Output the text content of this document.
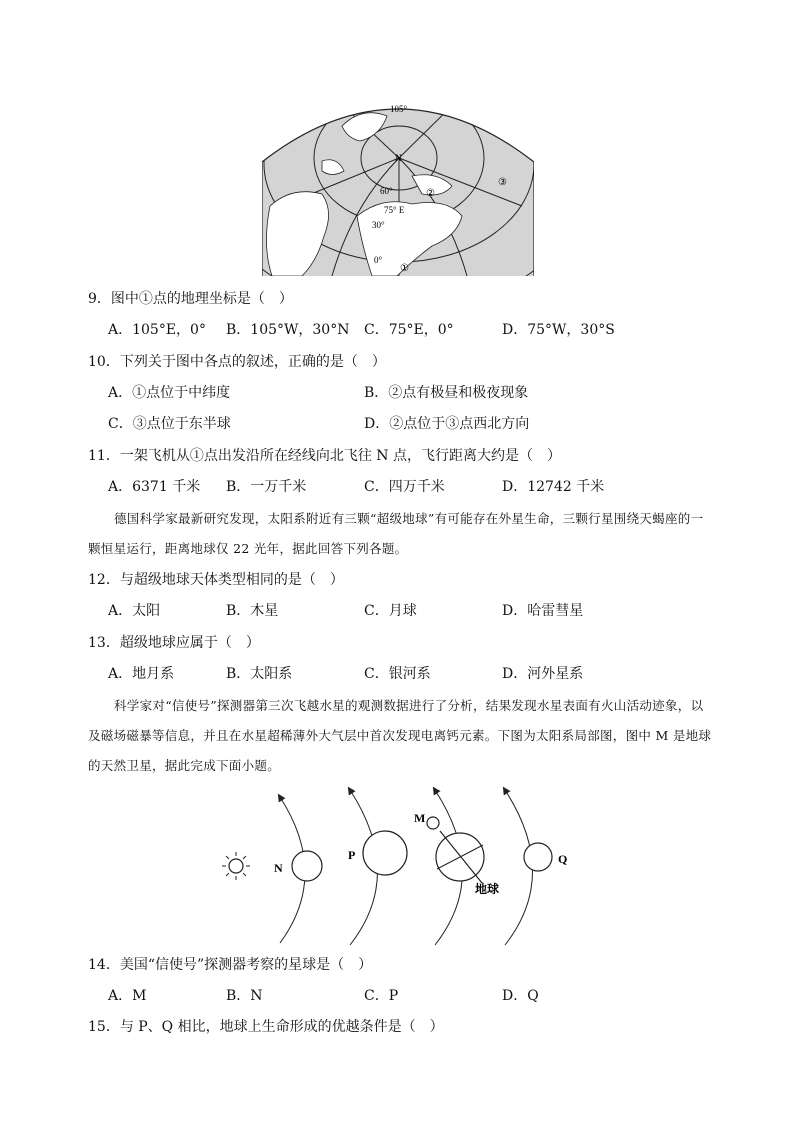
105°
N
60°
75° E
30°
0°
①
②
③
9．图中①点的地理坐标是（　）
A．105°E，0° B．105°W，30°N C．75°E，0°	D．75°W，30°S
10．下列关于图中各点的叙述，正确的是（　）
A．①点位于中纬度	B．②点有极昼和极夜现象
C．③点位于东半球	D．②点位于③点西北方向
11．一架飞机从①点出发沿所在经线向北飞往 N 点，飞行距离大约是（　）
A．6371 千米 B．一万千米	C．四万千米	D．12742 千米
德国科学家最新研究发现，太阳系附近有三颗“超级地球”有可能存在外星生命，三颗行星围绕天蝎座的一颗恒星运行，距离地球仅 22 光年，据此回答下列各题。
12．与超级地球天体类型相同的是（　）
A．太阳	B．木星	C．月球	D．哈雷彗星
13．超级地球应属于（　）
A．地月系	B．太阳系	C．银河系	D．河外星系
科学家对“信使号”探测器第三次飞越水星的观测数据进行了分析，结果发现水星表面有火山活动迹象，以及磁场磁暴等信息，并且在水星超稀薄外大气层中首次发现电离钙元素。下图为太阳系局部图，图中 M 是地球的天然卫星，据此完成下面小题。
N
P
M
地球
Q
14．美国“信使号”探测器考察的星球是（　）
A．M	B．N	C．P	D．Q
15．与 P、Q 相比，地球上生命形成的优越条件是（　）
